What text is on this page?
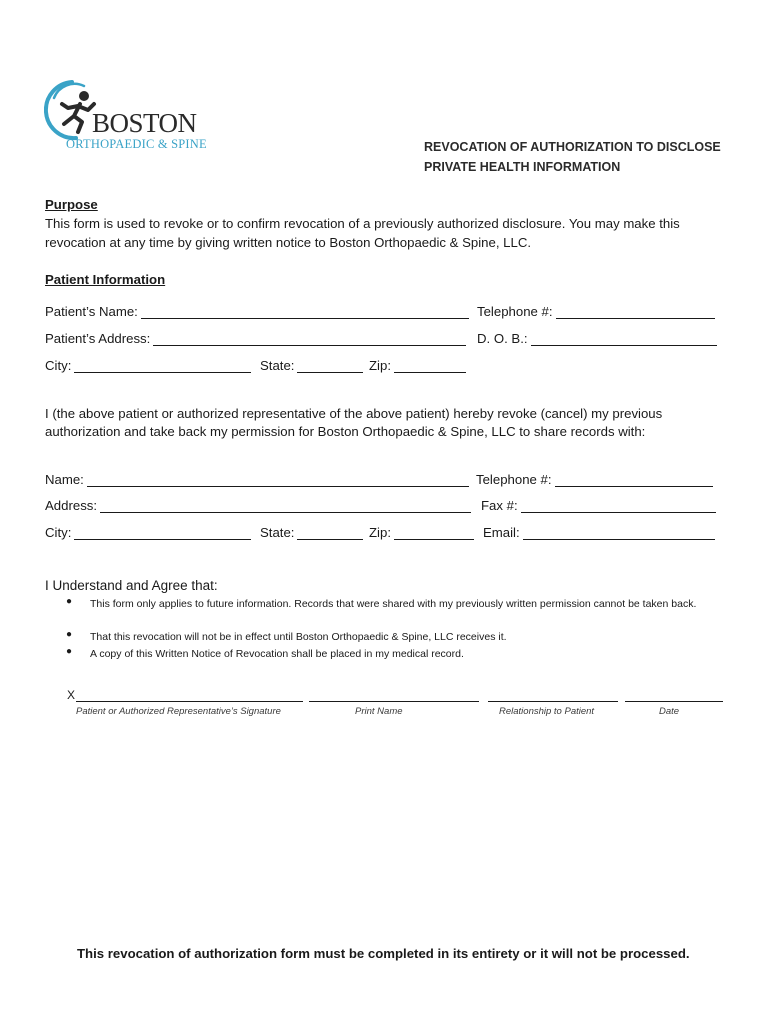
BOSTON
ORTHOPAEDIC & SPINE	REVOCATION OF AUTHORIZATION TO DISCLOSE
PRIVATE HEALTH INFORMATION
Purpose
This form is used to revoke or to confirm revocation of a previously authorized disclosure. You may make this
revocation at any time by giving written notice to Boston Orthopaedic & Spine, LLC.
Patient Information
Patient’s Name:	Telephone #:
Patient’s Address:	D. O. B.:
City:	State:	Zip:
I (the above patient or authorized representative of the above patient) hereby revoke (cancel) my previous
authorization and take back my permission for Boston Orthopaedic & Spine, LLC to share records with:
Name:	Telephone #:
Address:	Fax #:
City:	State:	Zip:	Email:
I Understand and Agree that:
● This form only applies to future information. Records that were shared with my previously written permission cannot be taken back.
● That this revocation will not be in effect until Boston Orthopaedic & Spine, LLC receives it.
● A copy of this Written Notice of Revocation shall be placed in my medical record.
X
Patient or Authorized Representative’s Signature	Print Name	Relationship to Patient	Date
This revocation of authorization form must be completed in its entirety or it will not be processed.
